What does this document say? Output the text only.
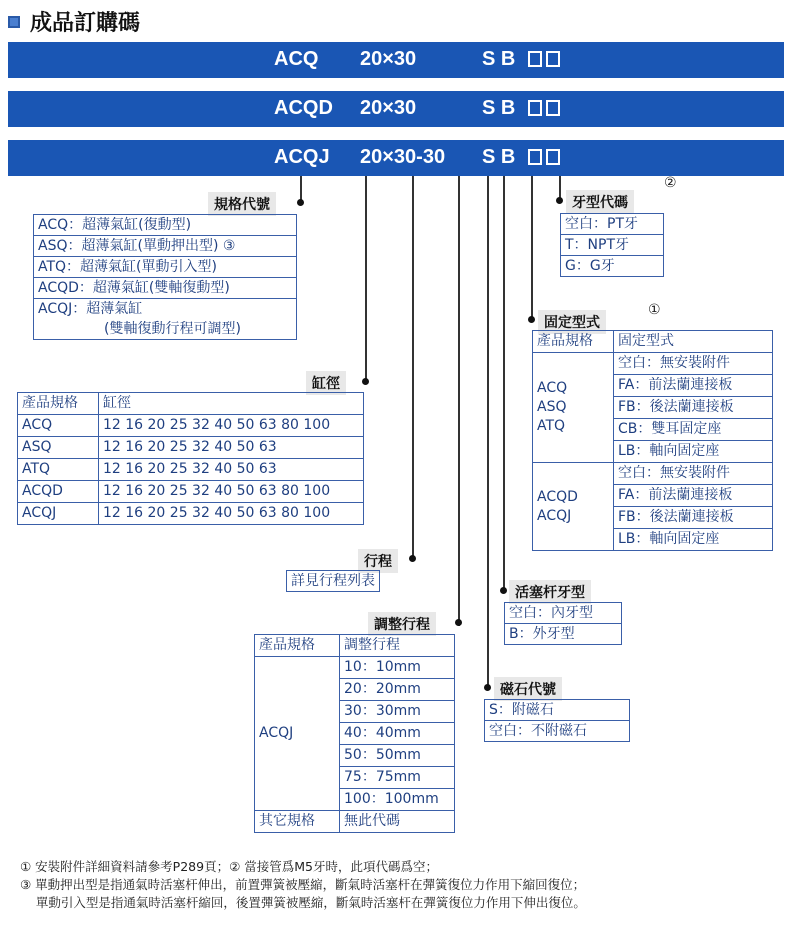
成品訂購碼
ACQ 20×30	S B
ACQD 20×30	S B
ACQJ 20×30-30 S B
規格代號
ACQ：超薄氣缸(復動型)
ASQ：超薄氣缸(單動押出型) ③
ATQ：超薄氣缸(單動引入型)
ACQD：超薄氣缸(雙軸復動型)
ACQJ：超薄氣缸
(雙軸復動行程可調型)
缸徑
產品規格	缸徑
ACQ	12 16 20 25 32 40 50 63 80 100
ASQ	12 16 20 25 32 40 50 63
ATQ	12 16 20 25 32 40 50 63
ACQD	12 16 20 25 32 40 50 63 80 100
ACQJ	12 16 20 25 32 40 50 63 80 100
行程
詳見行程列表
調整行程
產品規格	調整行程
ACQJ	10：10mm
	20：20mm
	30：30mm
	40：40mm
	50：50mm
	75：75mm
	100：100mm
其它規格	無此代碼
牙型代碼
②
空白：PT牙
T：NPT牙
G：G牙
固定型式
①
產品規格	固定型式

ACQ
ASQ
ATQ	空白：無安裝附件
	FA：前法蘭連接板
	FB：後法蘭連接板
	CB：雙耳固定座
	LB：軸向固定座

ACQD
ACQJ	空白：無安裝附件
	FA：前法蘭連接板
	FB：後法蘭連接板
	LB：軸向固定座
活塞杆牙型
空白：內牙型
B：外牙型
磁石代號
S：附磁石
空白：不附磁石

① 安裝附件詳細資料請參考P289頁；② 當接管爲M5牙時，此項代碼爲空；

③ 單動押出型是指通氣時活塞杆伸出，前置彈簧被壓縮，斷氣時活塞杆在彈簧復位力作用下縮回復位；

單動引入型是指通氣時活塞杆縮回，後置彈簧被壓縮，斷氣時活塞杆在彈簧復位力作用下伸出復位。
